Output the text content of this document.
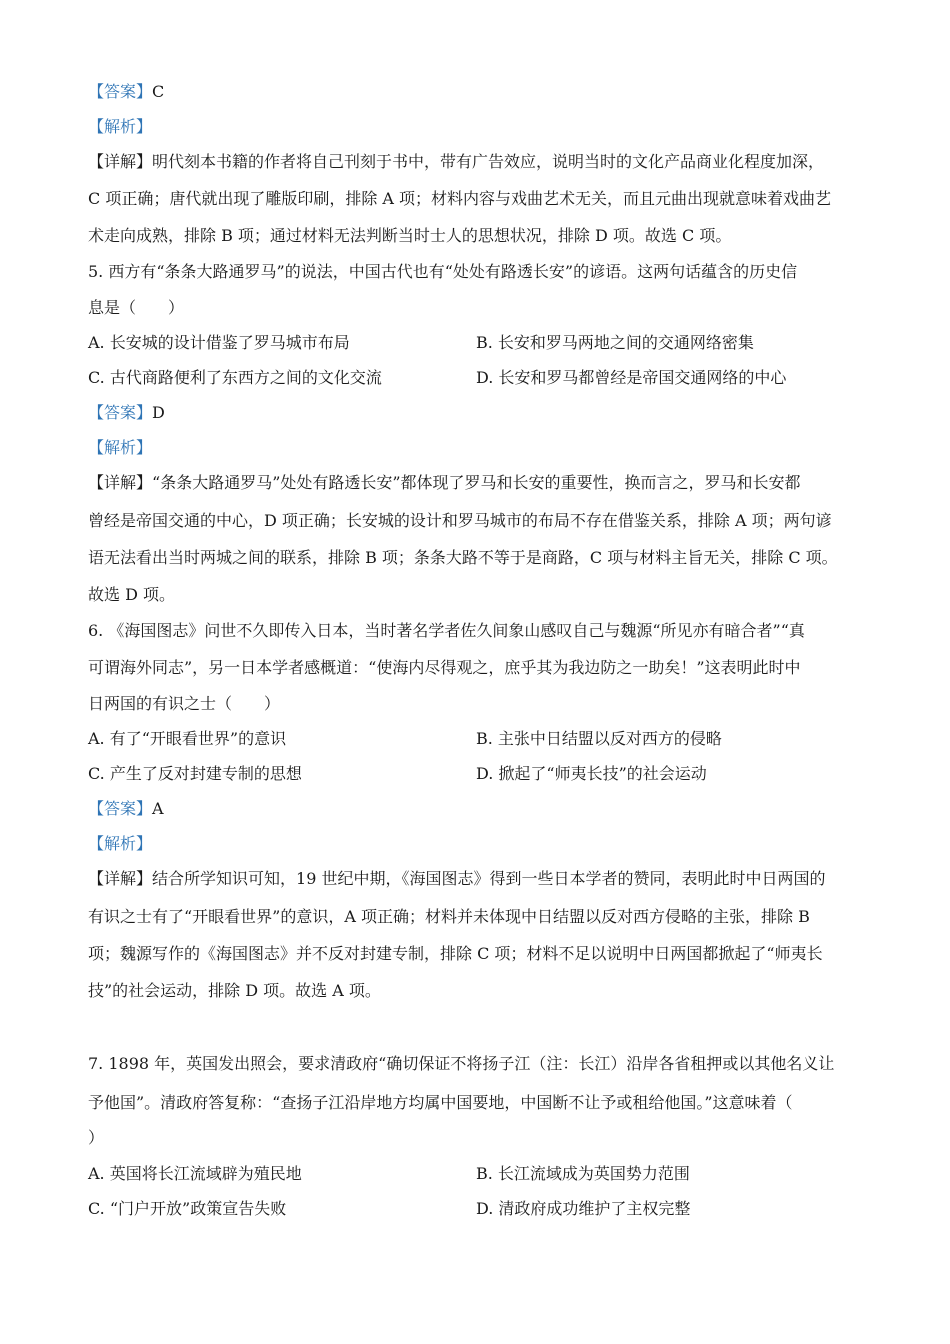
【答案】C
【解析】
【详解】明代刻本书籍的作者将自己刊刻于书中，带有广告效应，说明当时的文化产品商业化程度加深，
C 项正确；唐代就出现了雕版印刷，排除 A 项；材料内容与戏曲艺术无关，而且元曲出现就意味着戏曲艺
术走向成熟，排除 B 项；通过材料无法判断当时士人的思想状况，排除 D 项。故选 C 项。
5. 西方有“条条大路通罗马”的说法，中国古代也有“处处有路透长安”的谚语。这两句话蕴含的历史信
息是（　　）
A. 长安城的设计借鉴了罗马城市布局	B. 长安和罗马两地之间的交通网络密集
C. 古代商路便利了东西方之间的文化交流	D. 长安和罗马都曾经是帝国交通网络的中心
【答案】D
【解析】
【详解】“条条大路通罗马”处处有路透长安”都体现了罗马和长安的重要性，换而言之，罗马和长安都
曾经是帝国交通的中心，D 项正确；长安城的设计和罗马城市的布局不存在借鉴关系，排除 A 项；两句谚
语无法看出当时两城之间的联系，排除 B 项；条条大路不等于是商路，C 项与材料主旨无关，排除 C 项。
故选 D 项。
6. 《海国图志》问世不久即传入日本，当时著名学者佐久间象山感叹自己与魏源“所见亦有暗合者”“真
可谓海外同志”，另一日本学者感概道：“使海内尽得观之，庶乎其为我边防之一助矣！”这表明此时中
日两国的有识之士（　　）
A. 有了“开眼看世界”的意识	B. 主张中日结盟以反对西方的侵略
C. 产生了反对封建专制的思想	D. 掀起了“师夷长技”的社会运动
【答案】A
【解析】
【详解】结合所学知识可知，19 世纪中期，《海国图志》得到一些日本学者的赞同，表明此时中日两国的
有识之士有了“开眼看世界”的意识，A 项正确；材料并未体现中日结盟以反对西方侵略的主张，排除 B
项；魏源写作的《海国图志》并不反对封建专制，排除 C 项；材料不足以说明中日两国都掀起了“师夷长
技”的社会运动，排除 D 项。故选 A 项。
7. 1898 年，英国发出照会，要求清政府“确切保证不将扬子江（注：长江）沿岸各省租押或以其他名义让
予他国”。清政府答复称：“查扬子江沿岸地方均属中国要地，中国断不让予或租给他国。”这意味着（
）
A. 英国将长江流域辟为殖民地	B. 长江流域成为英国势力范围
C. “门户开放”政策宣告失败	D. 清政府成功维护了主权完整
